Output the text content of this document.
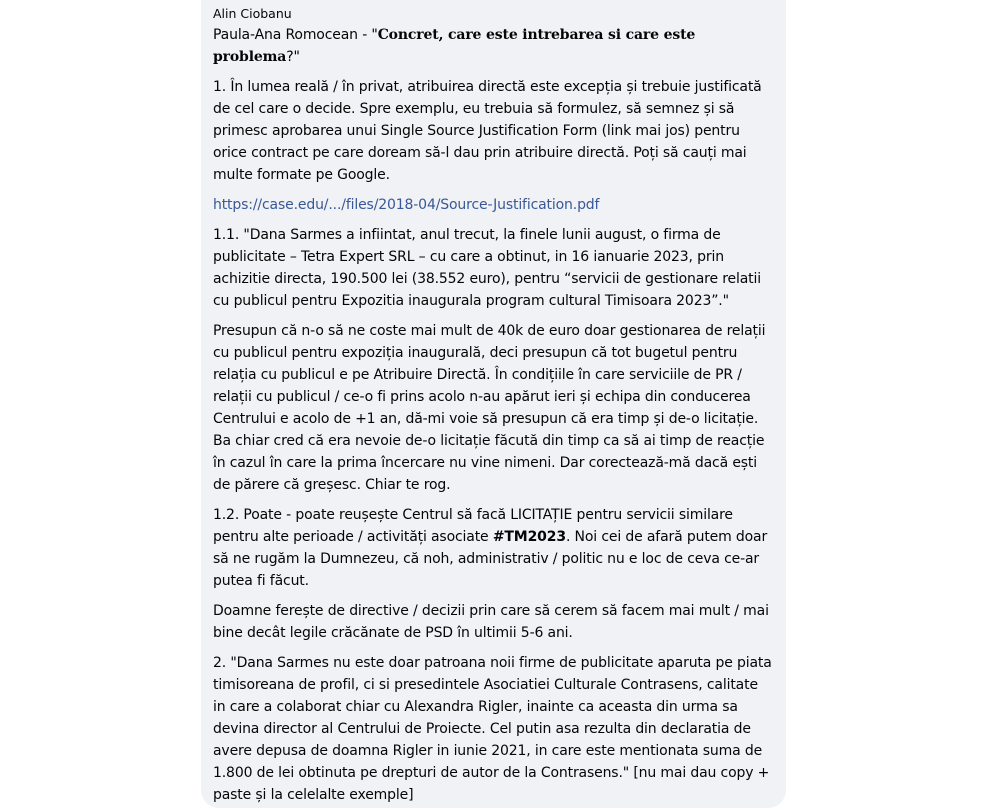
Alin Ciobanu
Paula-Ana Romocean - "Concret, care este intrebarea si care este problema?"
1. În lumea reală / în privat, atribuirea directă este excepția și trebuie justificată de cel care o decide. Spre exemplu, eu trebuia să formulez, să semnez și să primesc aprobarea unui Single Source Justification Form (link mai jos) pentru orice contract pe care doream să-l dau prin atribuire directă. Poți să cauți mai multe formate pe Google.
https://case.edu/.../files/2018-04/Source-Justification.pdf
1.1. "Dana Sarmes a infiintat, anul trecut, la finele lunii august, o firma de publicitate – Tetra Expert SRL – cu care a obtinut, in 16 ianuarie 2023, prin achizitie directa, 190.500 lei (38.552 euro), pentru “servicii de gestionare relatii cu publicul pentru Expozitia inaugurala program cultural Timisoara 2023”."
Presupun că n-o să ne coste mai mult de 40k de euro doar gestionarea de relații cu publicul pentru expoziția inaugurală, deci presupun că tot bugetul pentru relația cu publicul e pe Atribuire Directă. În condițiile în care serviciile de PR / relații cu publicul / ce-o fi prins acolo n-au apărut ieri și echipa din conducerea Centrului e acolo de +1 an, dă-mi voie să presupun că era timp și de-o licitație. Ba chiar cred că era nevoie de-o licitație făcută din timp ca să ai timp de reacție în cazul în care la prima încercare nu vine nimeni. Dar corectează-mă dacă ești de părere că greșesc. Chiar te rog.
1.2. Poate - poate reușește Centrul să facă LICITAȚIE pentru servicii similare pentru alte perioade / activități asociate #TM2023. Noi cei de afară putem doar să ne rugăm la Dumnezeu, că noh, administrativ / politic nu e loc de ceva ce-ar putea fi făcut.
Doamne ferește de directive / decizii prin care să cerem să facem mai mult / mai bine decât legile crăcănate de PSD în ultimii 5-6 ani.
2. "Dana Sarmes nu este doar patroana noii firme de publicitate aparuta pe piata timisoreana de profil, ci si presedintele Asociatiei Culturale Contrasens, calitate in care a colaborat chiar cu Alexandra Rigler, inainte ca aceasta din urma sa devina director al Centrului de Proiecte. Cel putin asa rezulta din declaratia de avere depusa de doamna Rigler in iunie 2021, in care este mentionata suma de 1.800 de lei obtinuta pe drepturi de autor de la Contrasens." [nu mai dau copy + paste și la celelalte exemple]
